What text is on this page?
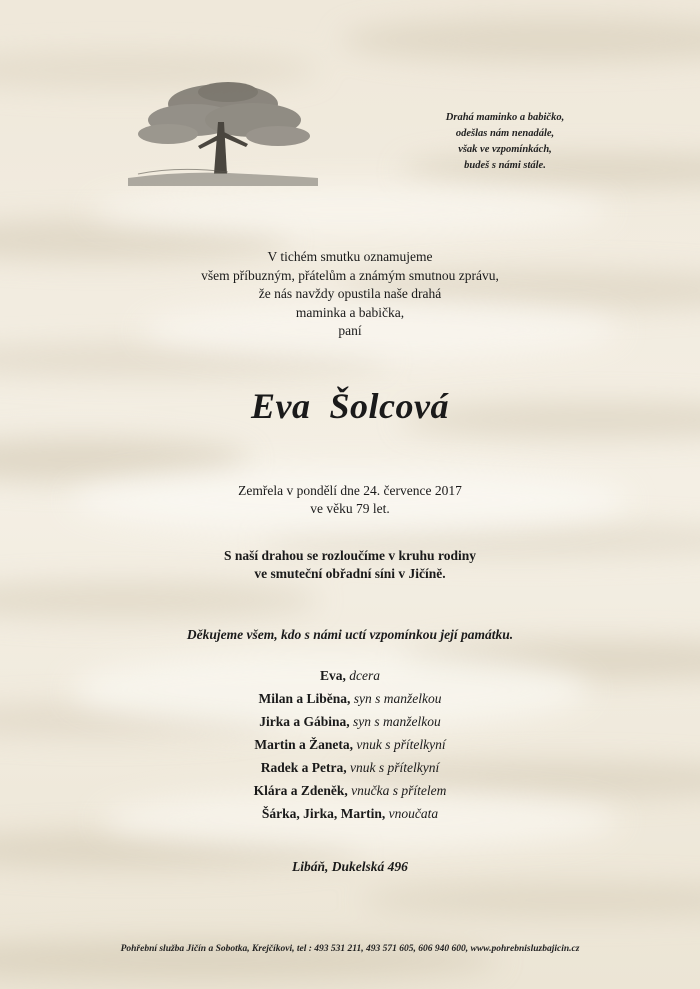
Drahá maminko a babičko,
odešlas nám nenadále,
však ve vzpomínkách,
budeš s námi stále.
V tichém smutku oznamujeme
všem příbuzným, přátelům a známým smutnou zprávu,
že nás navždy opustila naše drahá
maminka a babička,
paní
Eva  Šolcová
Zemřela v pondělí dne 24. července 2017
ve věku 79 let.
S naší drahou se rozloučíme v kruhu rodiny
ve smuteční obřadní síni v Jičíně.
Děkujeme všem, kdo s námi uctí vzpomínkou její památku.
Eva, dcera
Milan a Liběna, syn s manželkou
Jirka a Gábina, syn s manželkou
Martin a Žaneta, vnuk s přítelkyní
Radek a Petra, vnuk s přítelkyní
Klára a Zdeněk, vnučka s přítelem
Šárka, Jirka, Martin, vnoučata
Libáň, Dukelská 496
Pohřební služba Jičín a Sobotka, Krejčíkovi, tel : 493 531 211, 493 571 605, 606 940 600, www.pohrebnisluzbajicin.cz
